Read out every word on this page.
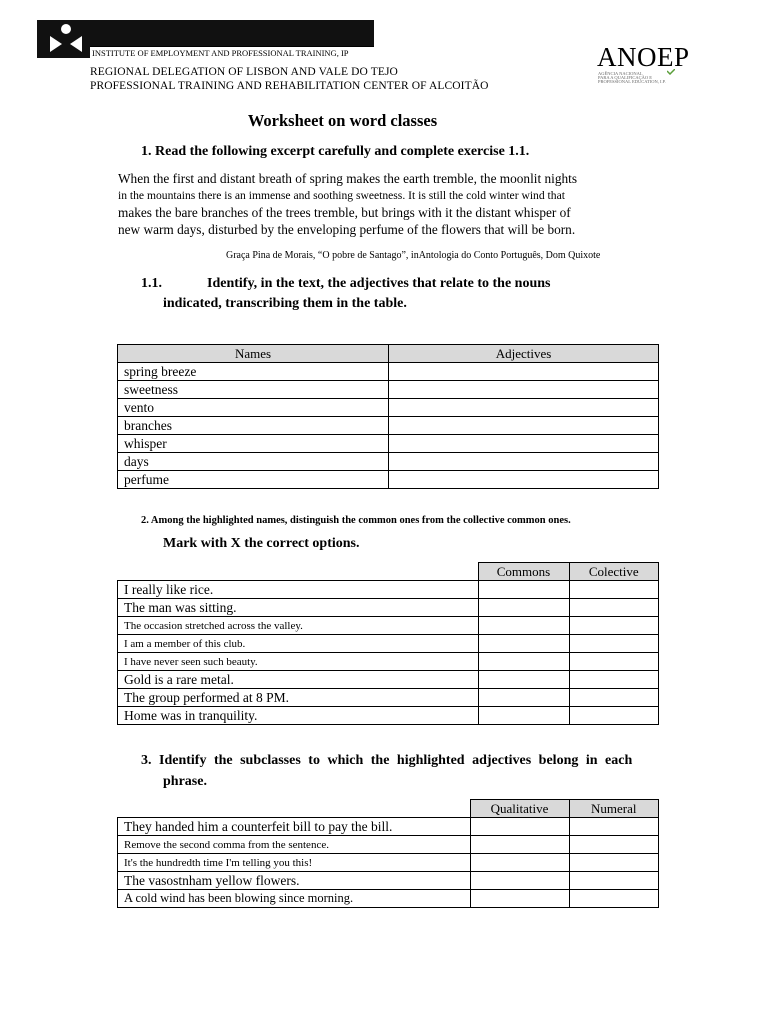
INSTITUTE OF EMPLOYMENT AND PROFESSIONAL TRAINING, IP
REGIONAL DELEGATION OF LISBON AND VALE DO TEJO
PROFESSIONAL TRAINING AND REHABILITATION CENTER OF ALCOITÃO
ANOEP
AGÊNCIA NACIONAL
PARA A QUALIFICAÇÃO E
PROFESSIONAL EDUCATION, I.P.
Worksheet on word classes
1. Read the following excerpt carefully and complete exercise 1.1.
When the first and distant breath of spring makes the earth tremble, the moonlit nights
in the mountains there is an immense and soothing sweetness. It is still the cold winter wind that
makes the bare branches of the trees tremble, but brings with it the distant whisper of
new warm days, disturbed by the enveloping perfume of the flowers that will be born.
Graça Pina de Morais, “O pobre de Santago”, inAntologia do Conto Português, Dom Quixote
1.1.	Identify, in the text, the adjectives that relate to the nouns
indicated, transcribing them in the table.
Names	Adjectives
spring breeze	
sweetness	
vento	
branches	
whisper	
days	
perfume	
2. Among the highlighted names, distinguish the common ones from the collective common ones.
Mark with X the correct options.
	Commons	Colective
I really like rice.		
The man was sitting.		
The occasion stretched across the valley.		
I am a member of this club.		
I have never seen such beauty.		
Gold is a rare metal.		
The group performed at 8 PM.		
Home was in tranquility.		
3. Identify the subclasses to which the highlighted adjectives belong in each
phrase.
	Qualitative	Numeral
They handed him a counterfeit bill to pay the bill.		
Remove the second comma from the sentence.		
It's the hundredth time I'm telling you this!		
The vasostnham yellow flowers.		
A cold wind has been blowing since morning.		
